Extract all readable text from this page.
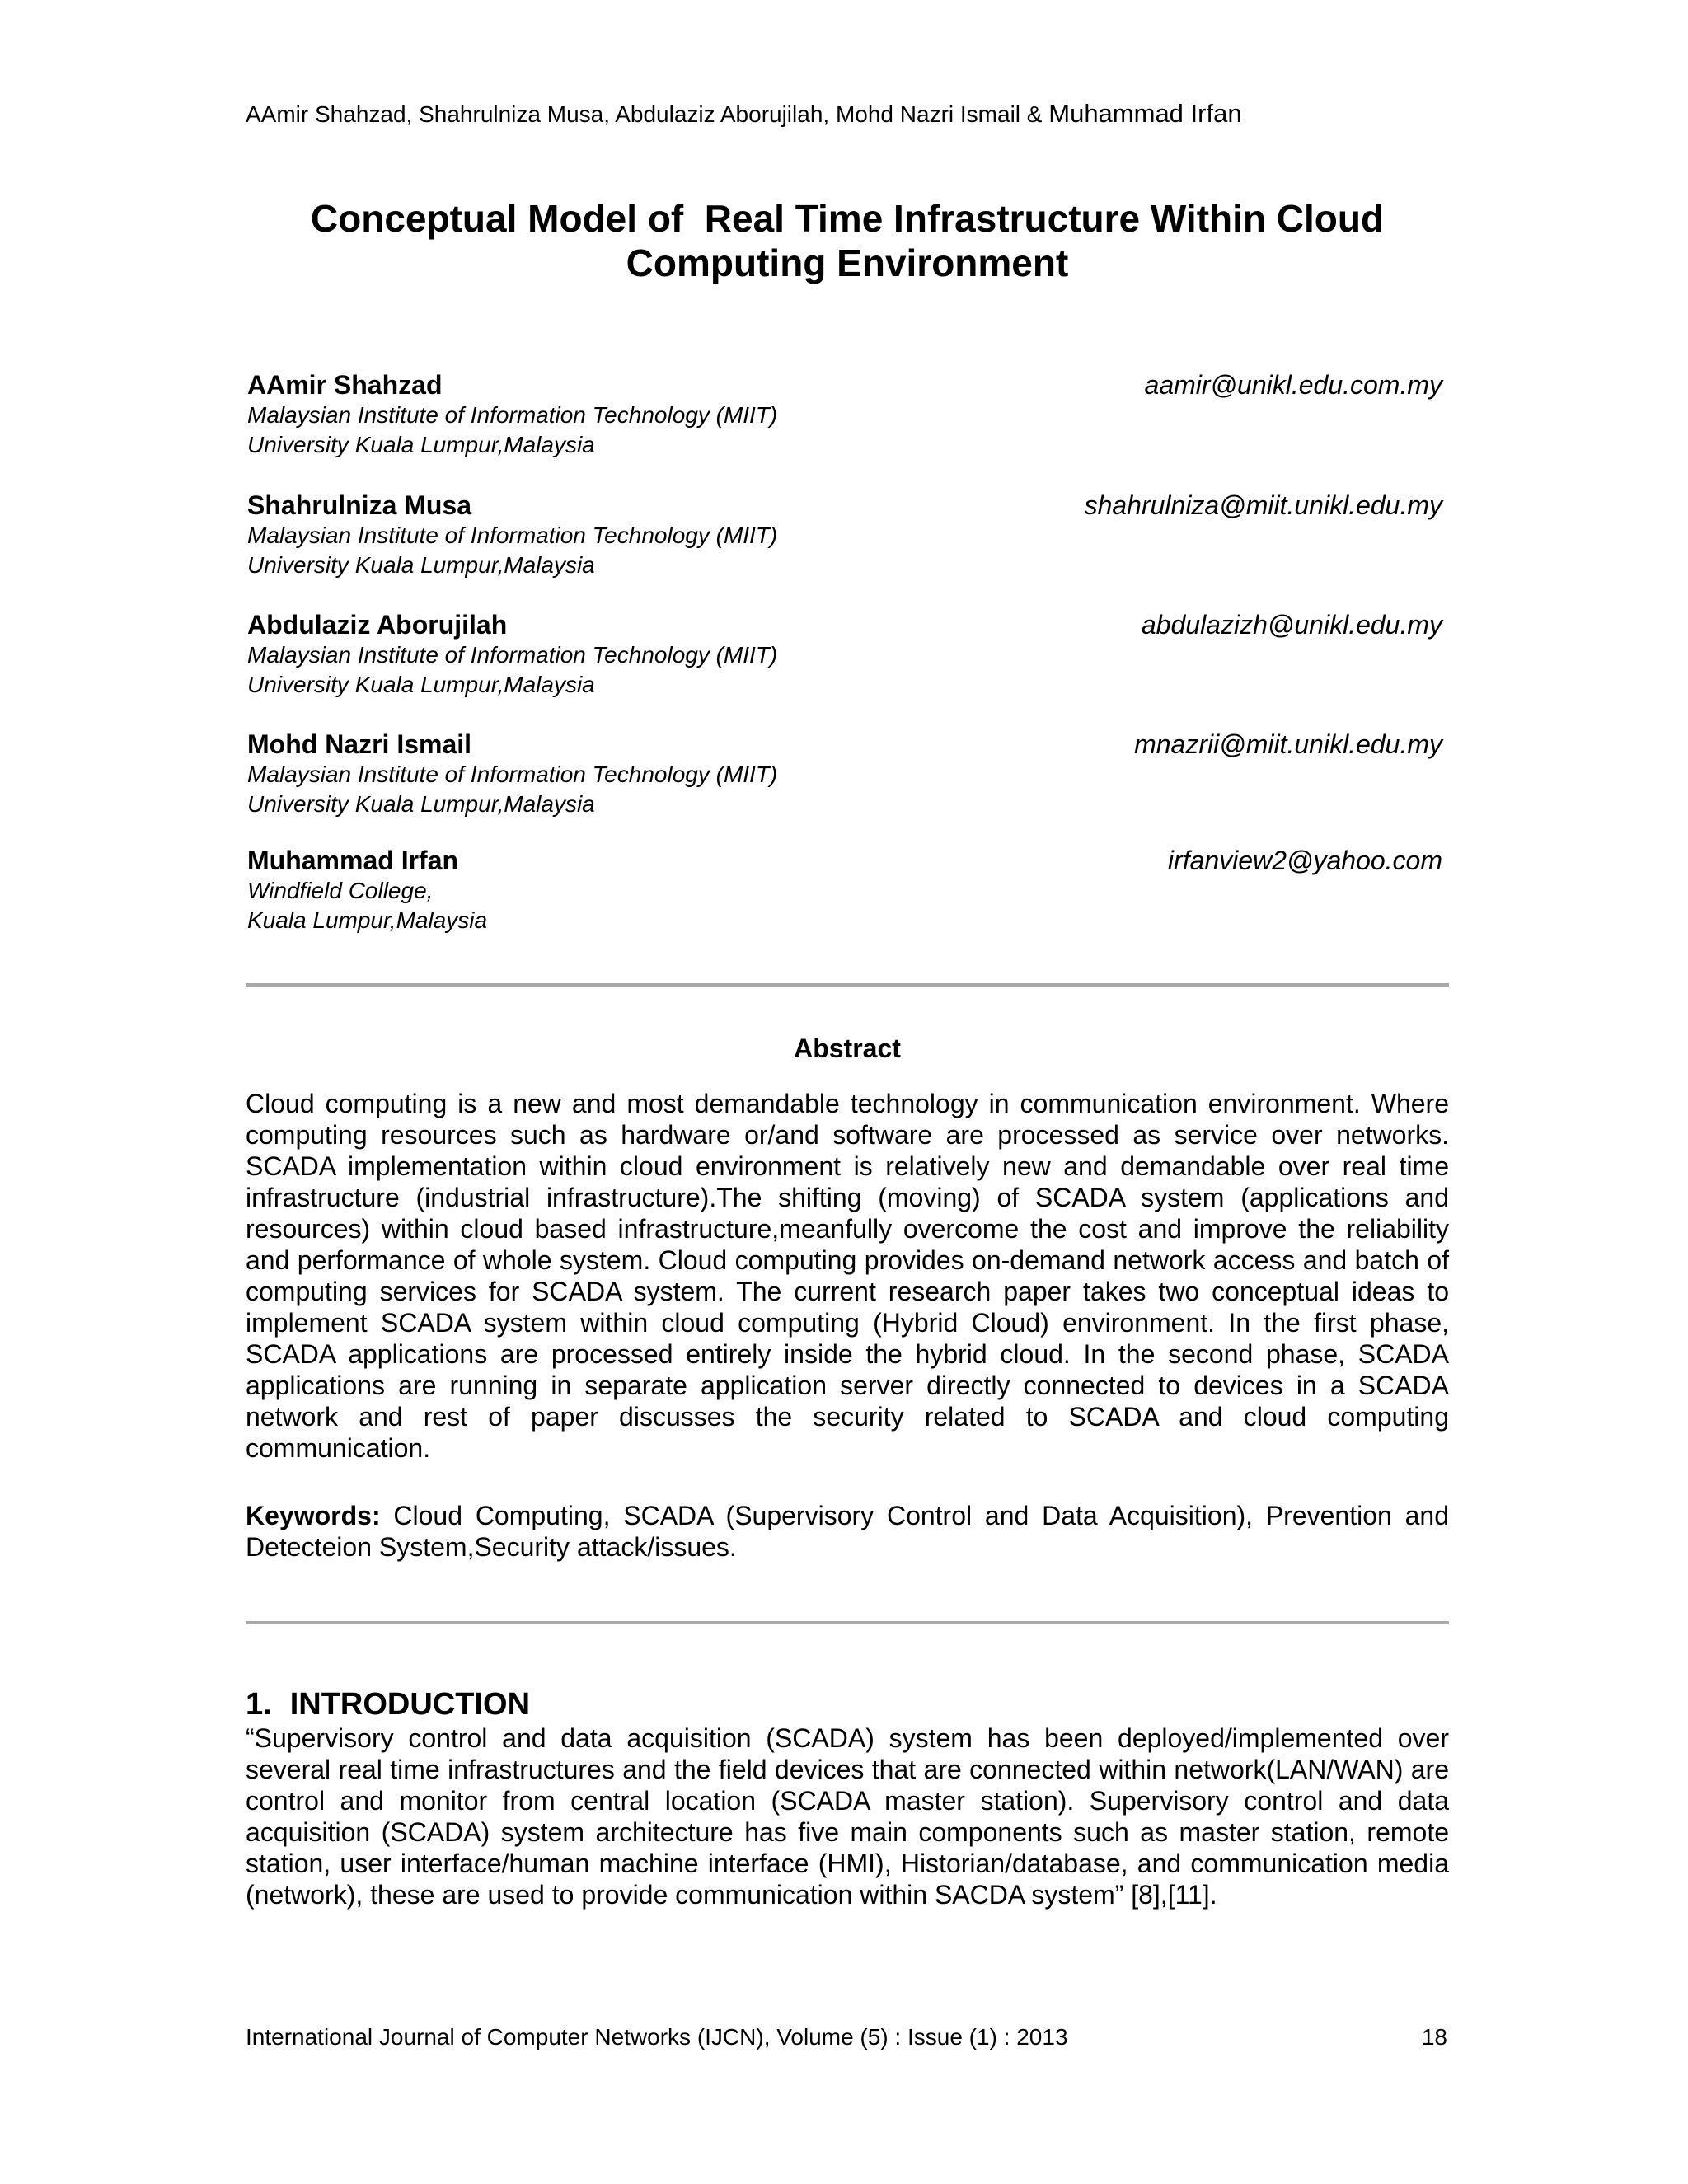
AAmir Shahzad, Shahrulniza Musa, Abdulaziz Aborujilah, Mohd Nazri Ismail & Muhammad Irfan
Conceptual Model of  Real Time Infrastructure Within Cloud
Computing Environment
AAmir Shahzad
Malaysian Institute of Information Technology (MIIT)
University Kuala Lumpur,Malaysia
aamir@unikl.edu.com.my
Shahrulniza Musa
Malaysian Institute of Information Technology (MIIT)
University Kuala Lumpur,Malaysia
shahrulniza@miit.unikl.edu.my
Abdulaziz Aborujilah
Malaysian Institute of Information Technology (MIIT)
University Kuala Lumpur,Malaysia
abdulazizh@unikl.edu.my
Mohd Nazri Ismail
Malaysian Institute of Information Technology (MIIT)
University Kuala Lumpur,Malaysia
mnazrii@miit.unikl.edu.my
Muhammad Irfan
Windfield College,
Kuala Lumpur,Malaysia
irfanview2@yahoo.com
Abstract

Cloud computing is a new and most demandable technology in communication environment. Where computing resources such as hardware or/and software are processed as service over networks. SCADA implementation within cloud environment is relatively new and demandable over real time infrastructure (industrial infrastructure).The shifting (moving) of SCADA system (applications and resources) within cloud based infrastructure,meanfully overcome the cost and improve the reliability and performance of whole system. Cloud computing provides on-demand network access and batch of computing services for SCADA system. The current research paper takes two conceptual ideas to implement SCADA system within cloud computing (Hybrid Cloud) environment. In the first phase, SCADA applications are processed entirely inside the hybrid cloud. In the second phase, SCADA applications are running in separate application server directly connected to devices in a SCADA network and rest of paper discusses the security related to SCADA and cloud computing communication.

Keywords: Cloud Computing, SCADA (Supervisory Control and Data Acquisition), Prevention and Detecteion System,Security attack/issues.

1. INTRODUCTION

“Supervisory control and data acquisition (SCADA) system has been deployed/implemented over several real time infrastructures and the field devices that are connected within network(LAN/WAN) are control and monitor from central location (SCADA master station). Supervisory control and data acquisition (SCADA) system architecture has five main components such as master station, remote station, user interface/human machine interface (HMI), Historian/database, and communication media (network), these are used to provide communication within SACDA system” [8],[11].

International Journal of Computer Networks (IJCN), Volume (5) : Issue (1) : 2013	18
